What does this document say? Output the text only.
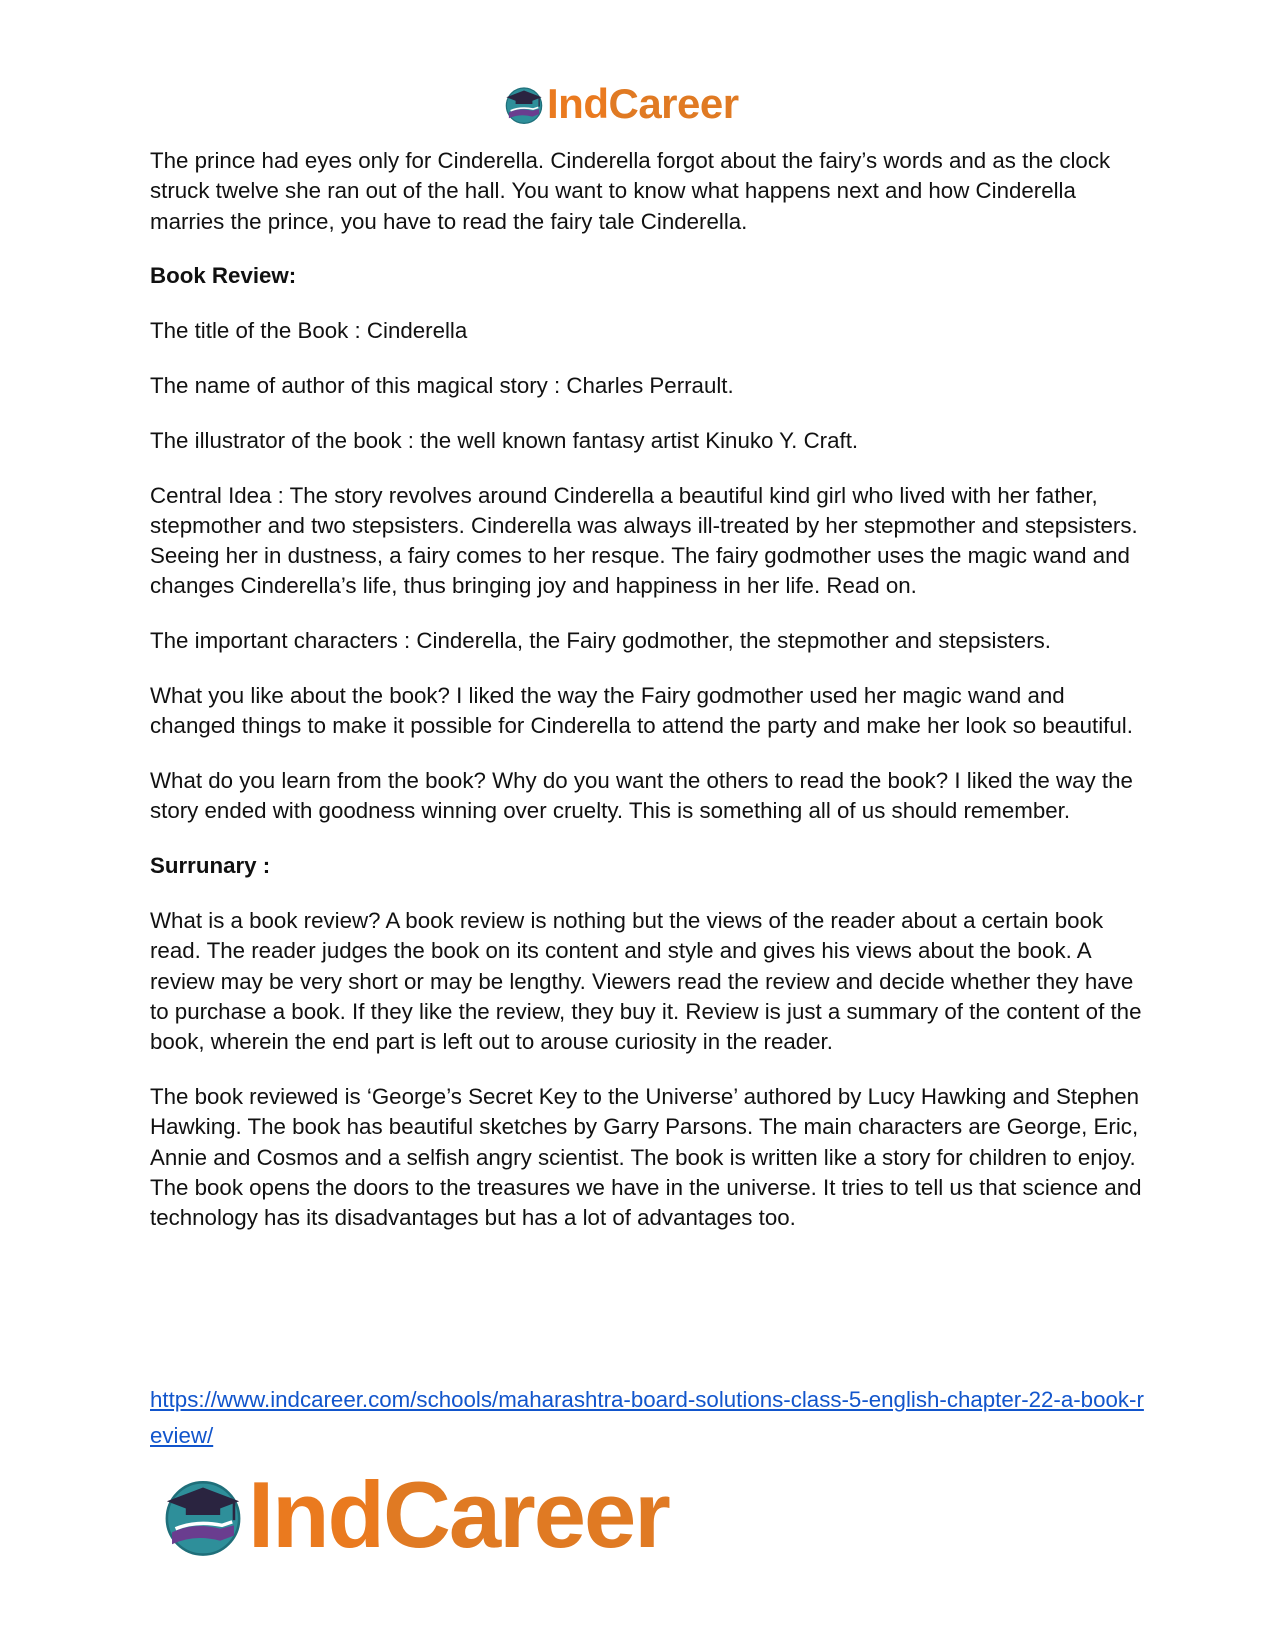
IndCareer

The prince had eyes only for Cinderella. Cinderella forgot about the fairy’s words and as the clock struck twelve she ran out of the hall. You want to know what happens next and how Cinderella marries the prince, you have to read the fairy tale Cinderella.

Book Review:

The title of the Book : Cinderella

The name of author of this magical story : Charles Perrault.

The illustrator of the book : the well known fantasy artist Kinuko Y. Craft.

Central Idea : The story revolves around Cinderella a beautiful kind girl who lived with her father, stepmother and two stepsisters. Cinderella was always ill-treated by her stepmother and stepsisters. Seeing her in dustness, a fairy comes to her resque. The fairy godmother uses the magic wand and changes Cinderella’s life, thus bringing joy and happiness in her life. Read on.

The important characters : Cinderella, the Fairy godmother, the stepmother and stepsisters.

What you like about the book? I liked the way the Fairy godmother used her magic wand and changed things to make it possible for Cinderella to attend the party and make her look so beautiful.

What do you learn from the book? Why do you want the others to read the book? I liked the way the story ended with goodness winning over cruelty. This is something all of us should remember.

Surrunary :

What is a book review? A book review is nothing but the views of the reader about a certain book read. The reader judges the book on its content and style and gives his views about the book. A review may be very short or may be lengthy. Viewers read the review and decide whether they have to purchase a book. If they like the review, they buy it. Review is just a summary of the content of the book, wherein the end part is left out to arouse curiosity in the reader.

The book reviewed is ‘George’s Secret Key to the Universe’ authored by Lucy Hawking and Stephen Hawking. The book has beautiful sketches by Garry Parsons. The main characters are George, Eric, Annie and Cosmos and a selfish angry scientist. The book is written like a story for children to enjoy. The book opens the doors to the treasures we have in the universe. It tries to tell us that science and technology has its disadvantages but has a lot of advantages too.

https://www.indcareer.com/schools/maharashtra-board-solutions-class-5-english-chapter-22-a-book-review/
IndCareer
